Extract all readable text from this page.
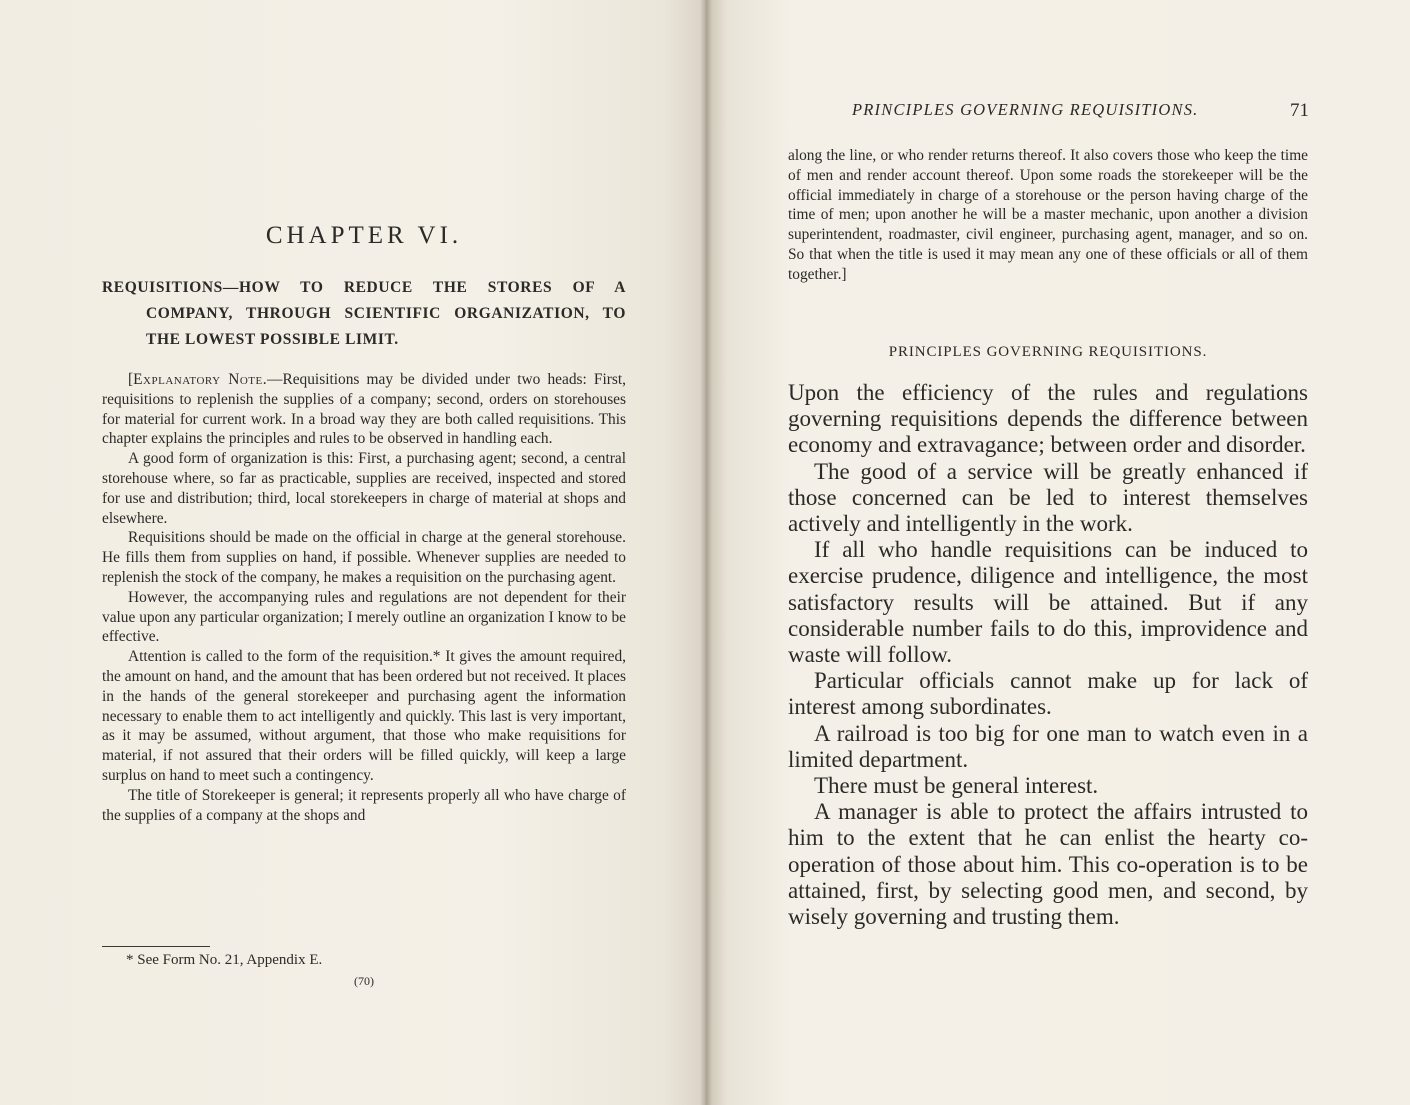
CHAPTER VI.
REQUISITIONS—HOW TO REDUCE THE STORES OF A
COMPANY, THROUGH SCIENTIFIC ORGANIZATION, TO THE LOWEST POSSIBLE LIMIT.

[Explanatory Note.—Requisitions may be divided under two heads: First, requisitions to replenish the supplies of a company; second, orders on storehouses for material for current work. In a broad way they are both called requisitions. This chapter explains the principles and rules to be observed in handling each.

A good form of organization is this: First, a purchasing agent; second, a central storehouse where, so far as practicable, supplies are received, inspected and stored for use and distribution; third, local storekeepers in charge of material at shops and elsewhere.

Requisitions should be made on the official in charge at the general storehouse. He fills them from supplies on hand, if possible. Whenever supplies are needed to replenish the stock of the company, he makes a requisition on the purchasing agent.

However, the accompanying rules and regulations are not dependent for their value upon any particular organization; I merely outline an organization I know to be effective.

Attention is called to the form of the requisition.* It gives the amount required, the amount on hand, and the amount that has been ordered but not received. It places in the hands of the general storekeeper and purchasing agent the information necessary to enable them to act intelligently and quickly. This last is very important, as it may be assumed, without argument, that those who make requisitions for material, if not assured that their orders will be filled quickly, will keep a large surplus on hand to meet such a contingency.

The title of Storekeeper is general; it represents properly all who have charge of the supplies of a company at the shops and

* See Form No. 21, Appendix E.

(70)

PRINCIPLES GOVERNING REQUISITIONS.	71

along the line, or who render returns thereof. It also covers those who keep the time of men and render account thereof. Upon some roads the storekeeper will be the official immediately in charge of a storehouse or the person having charge of the time of men; upon another he will be a master mechanic, upon another a division superintendent, roadmaster, civil engineer, purchasing agent, manager, and so on. So that when the title is used it may mean any one of these officials or all of them together.]

PRINCIPLES GOVERNING REQUISITIONS.

Upon the efficiency of the rules and regulations governing requisitions depends the difference between economy and extravagance; between order and disorder.

The good of a service will be greatly enhanced if those concerned can be led to interest themselves actively and intelligently in the work.

If all who handle requisitions can be induced to exercise prudence, diligence and intelligence, the most satisfactory results will be attained. But if any considerable number fails to do this, improvidence and waste will follow.

Particular officials cannot make up for lack of interest among subordinates.

A railroad is too big for one man to watch even in a limited department.

There must be general interest.

A manager is able to protect the affairs intrusted to him to the extent that he can enlist the hearty co-operation of those about him. This co-operation is to be attained, first, by selecting good men, and second, by wisely governing and trusting them.
